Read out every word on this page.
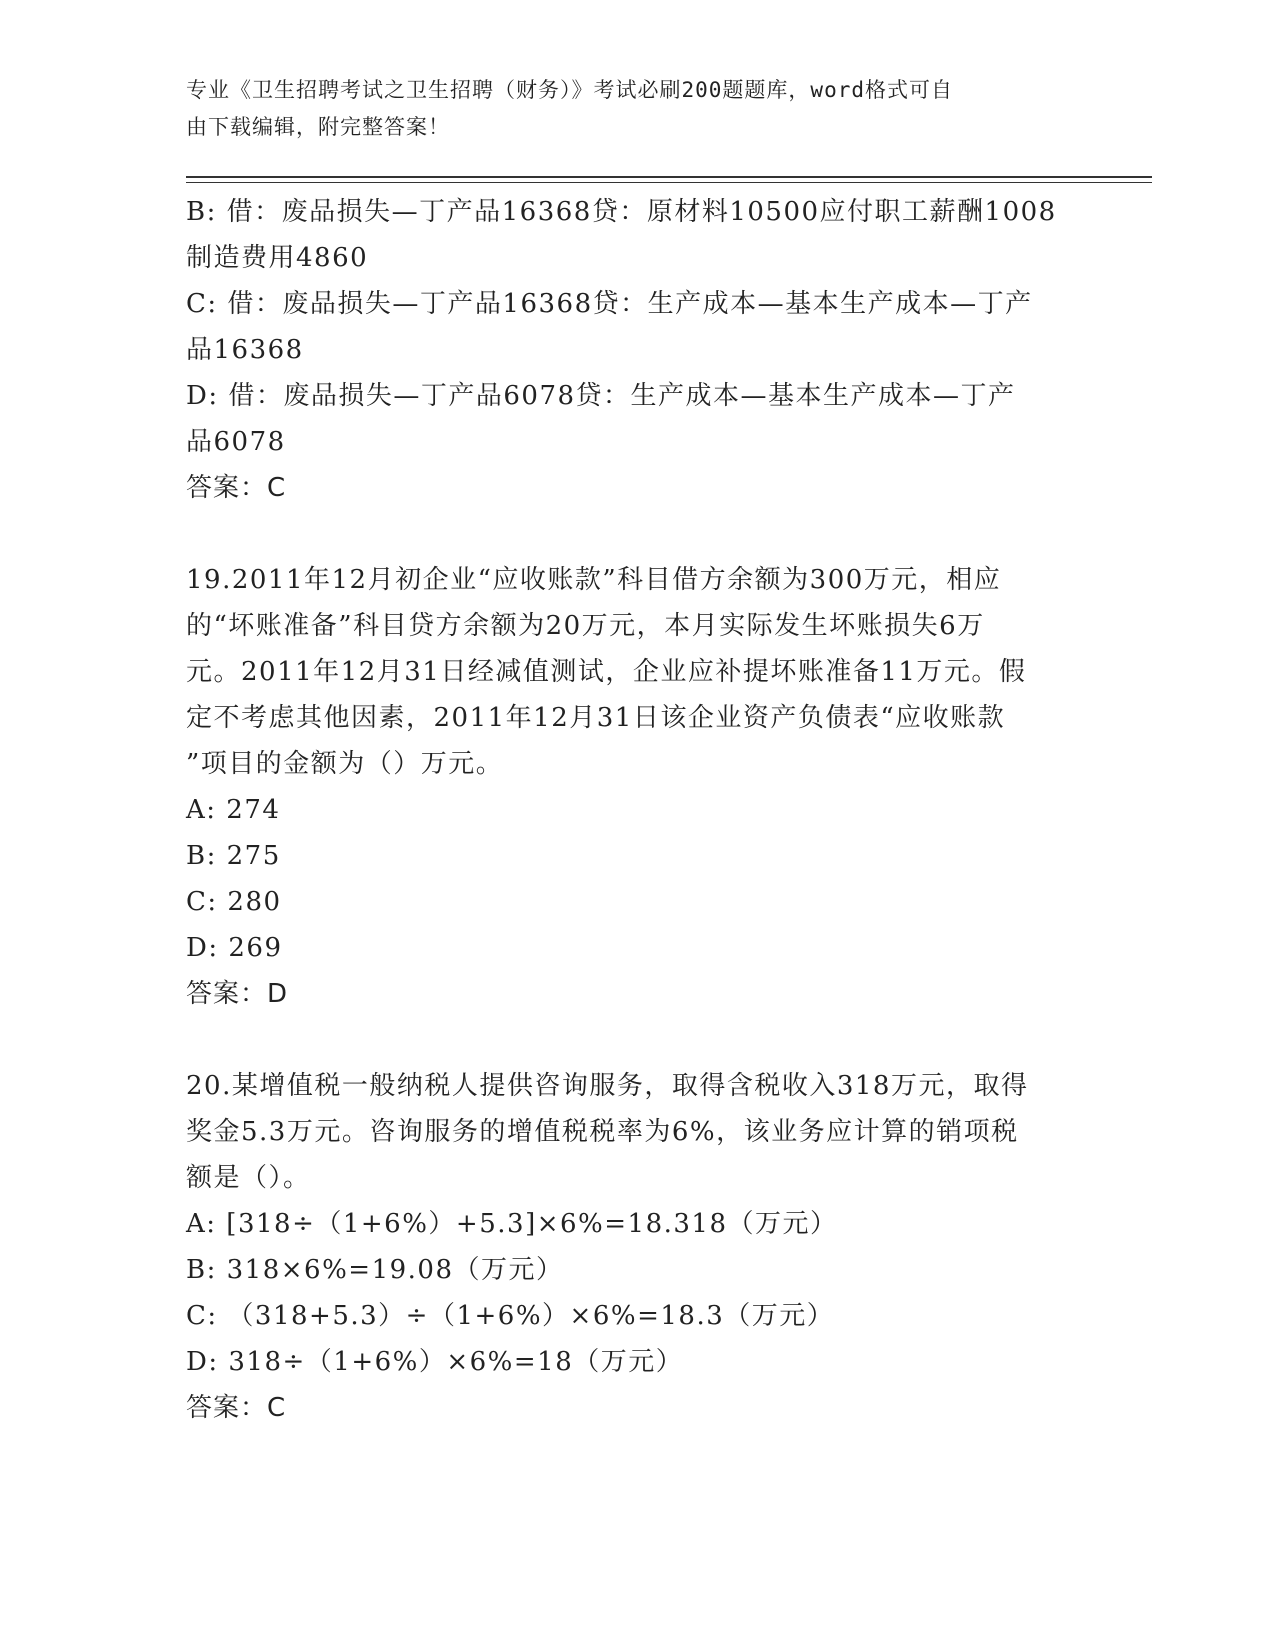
专业《卫生招聘考试之卫生招聘（财务）》考试必刷200题题库，word格式可自
由下载编辑，附完整答案！
B: 借：废品损失—丁产品16368贷：原材料10500应付职工薪酬1008
制造费用4860
C: 借：废品损失—丁产品16368贷：生产成本—基本生产成本—丁产
品16368
D: 借：废品损失—丁产品6078贷：生产成本—基本生产成本—丁产
品6078
答案：C
19.2011年12月初企业“应收账款”科目借方余额为300万元，相应
的“坏账准备”科目贷方余额为20万元，本月实际发生坏账损失6万
元。2011年12月31日经减值测试，企业应补提坏账准备11万元。假
定不考虑其他因素，2011年12月31日该企业资产负债表“应收账款
”项目的金额为（）万元。
A: 274
B: 275
C: 280
D: 269
答案：D
20.某增值税一般纳税人提供咨询服务，取得含税收入318万元，取得
奖金5.3万元。咨询服务的增值税税率为6%，该业务应计算的销项税
额是（）。
A: [318÷（1+6%）+5.3]×6%=18.318（万元）
B: 318×6%=19.08（万元）
C: （318+5.3）÷（1+6%）×6%=18.3（万元）
D: 318÷（1+6%）×6%=18（万元）
答案：C
